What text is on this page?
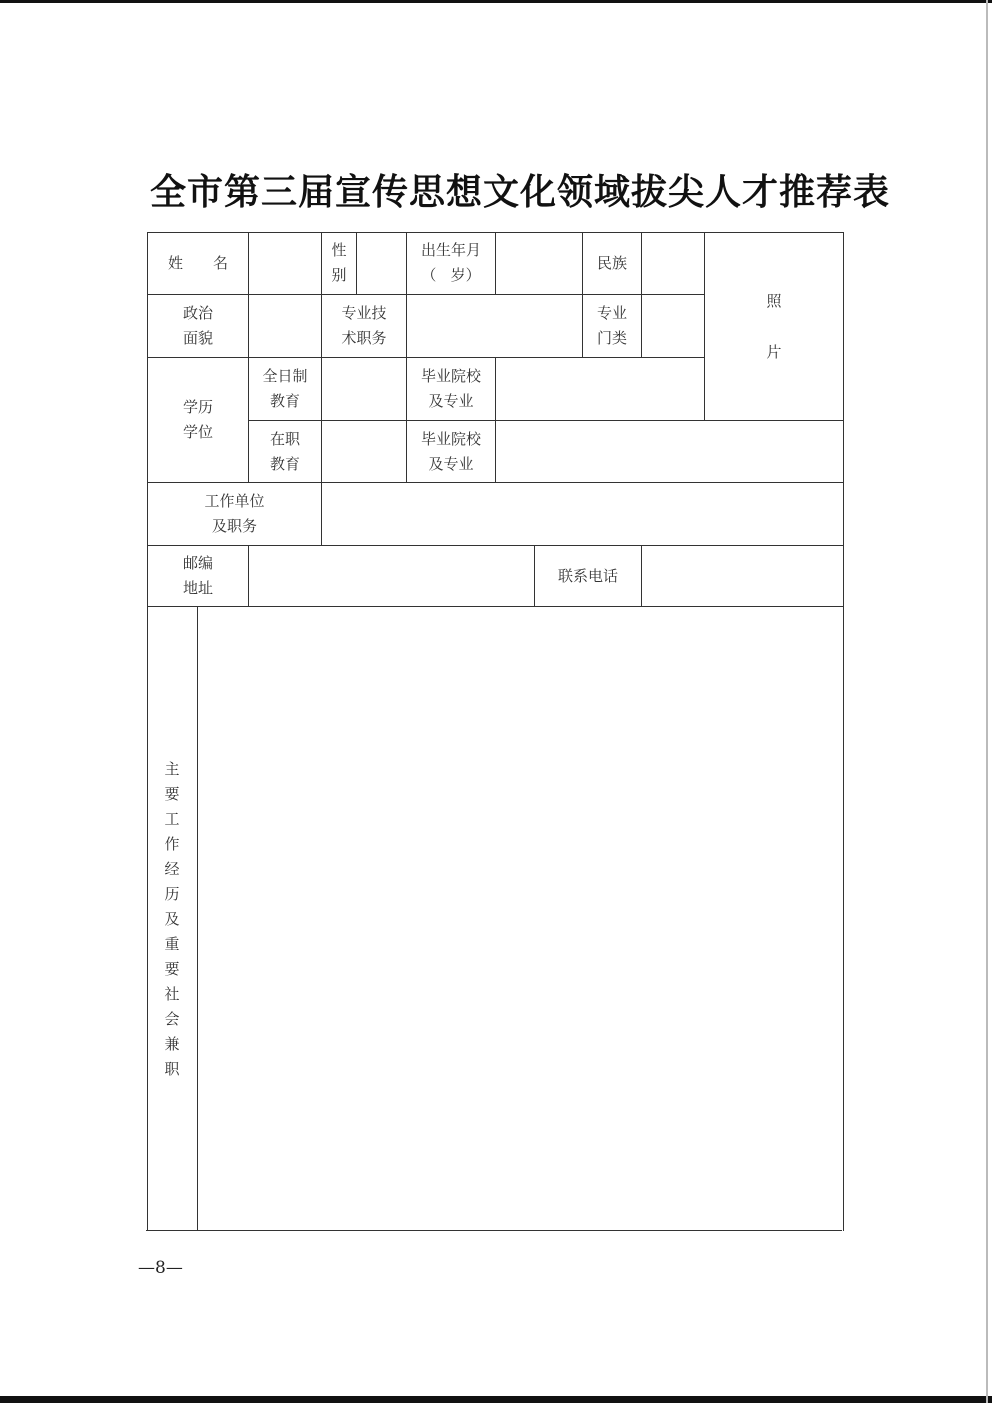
全市第三届宣传思想文化领域拔尖人才推荐表
姓 名
性
别
出生年月
（   岁）
民族
照
片
政治
面貌
专业技
术职务
专业
门类
学历
学位
全日制
教育
毕业院校
及专业
在职
教育
毕业院校
及专业
工作单位
及职务
邮编
地址
联系电话
主要工作经历及重要社会兼职
—8—
